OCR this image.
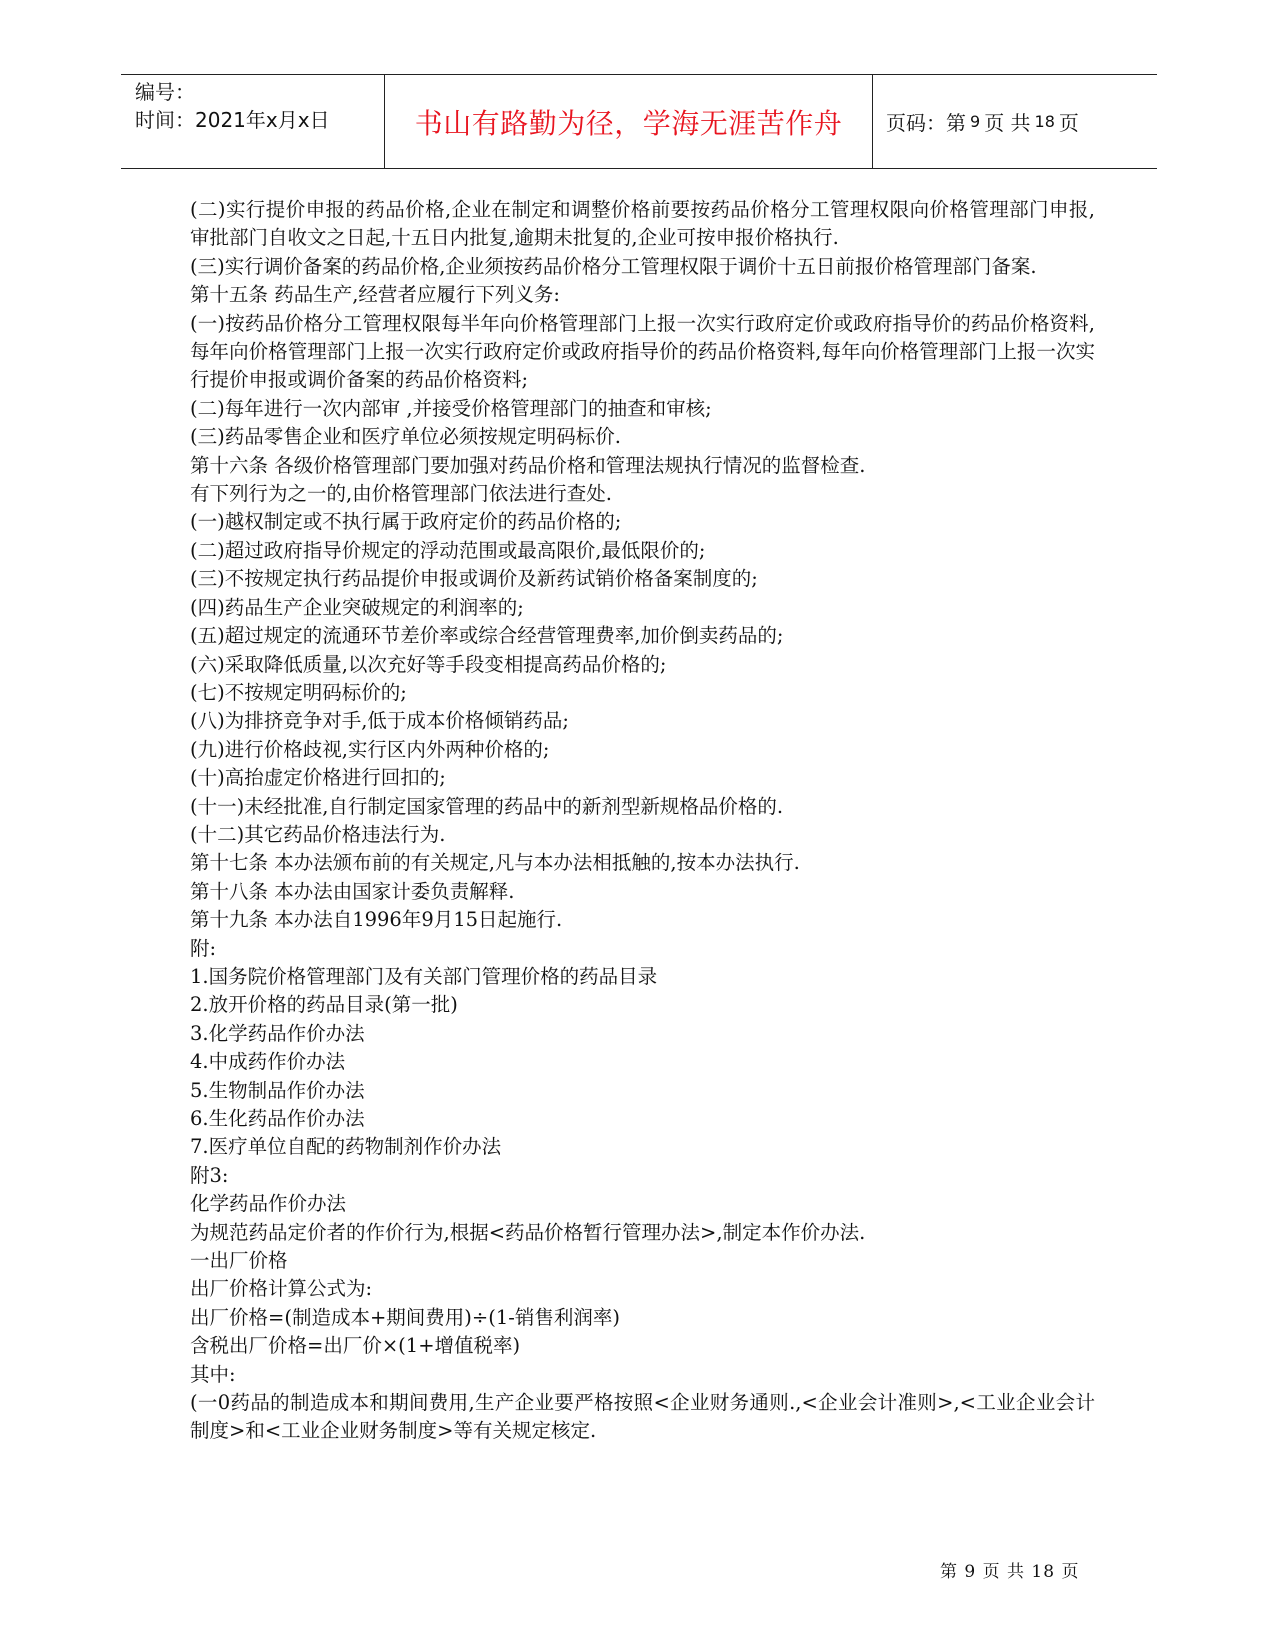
编号：
时间：2021年x月x日	书山有路勤为径，学海无涯苦作舟	页码：第 9 页 共 18 页

(二)实行提价申报的药品价格,企业在制定和调整价格前要按药品价格分工管理权限向价格管理部门申报,审批部门自收文之日起,十五日内批复,逾期未批复的,企业可按申报价格执行.

(三)实行调价备案的药品价格,企业须按药品价格分工管理权限于调价十五日前报价格管理部门备案.

第十五条 药品生产,经营者应履行下列义务:

(一)按药品价格分工管理权限每半年向价格管理部门上报一次实行政府定价或政府指导价的药品价格资料,每年向价格管理部门上报一次实行政府定价或政府指导价的药品价格资料,每年向价格管理部门上报一次实行提价申报或调价备案的药品价格资料;

(二)每年进行一次内部审 ,并接受价格管理部门的抽查和审核;

(三)药品零售企业和医疗单位必须按规定明码标价.

第十六条 各级价格管理部门要加强对药品价格和管理法规执行情况的监督检查.

有下列行为之一的,由价格管理部门依法进行查处.

(一)越权制定或不执行属于政府定价的药品价格的;

(二)超过政府指导价规定的浮动范围或最高限价,最低限价的;

(三)不按规定执行药品提价申报或调价及新药试销价格备案制度的;

(四)药品生产企业突破规定的利润率的;

(五)超过规定的流通环节差价率或综合经营管理费率,加价倒卖药品的;

(六)采取降低质量,以次充好等手段变相提高药品价格的;

(七)不按规定明码标价的;

(八)为排挤竞争对手,低于成本价格倾销药品;

(九)进行价格歧视,实行区内外两种价格的;

(十)高抬虚定价格进行回扣的;

(十一)未经批准,自行制定国家管理的药品中的新剂型新规格品价格的.

(十二)其它药品价格违法行为.

第十七条 本办法颁布前的有关规定,凡与本办法相抵触的,按本办法执行.

第十八条 本办法由国家计委负责解释.

第十九条 本办法自1996年9月15日起施行.

附:

1.国务院价格管理部门及有关部门管理价格的药品目录

2.放开价格的药品目录(第一批)

3.化学药品作价办法

4.中成药作价办法

5.生物制品作价办法

6.生化药品作价办法

7.医疗单位自配的药物制剂作价办法

附3:

化学药品作价办法

为规范药品定价者的作价行为,根据<药品价格暂行管理办法>,制定本作价办法.

一出厂价格

出厂价格计算公式为:

出厂价格=(制造成本+期间费用)÷(1-销售利润率)

含税出厂价格=出厂价×(1+增值税率)

其中:

(一0药品的制造成本和期间费用,生产企业要严格按照<企业财务通则.,<企业会计准则>,<工业企业会计制度>和<工业企业财务制度>等有关规定核定.

第 9 页 共 18 页
